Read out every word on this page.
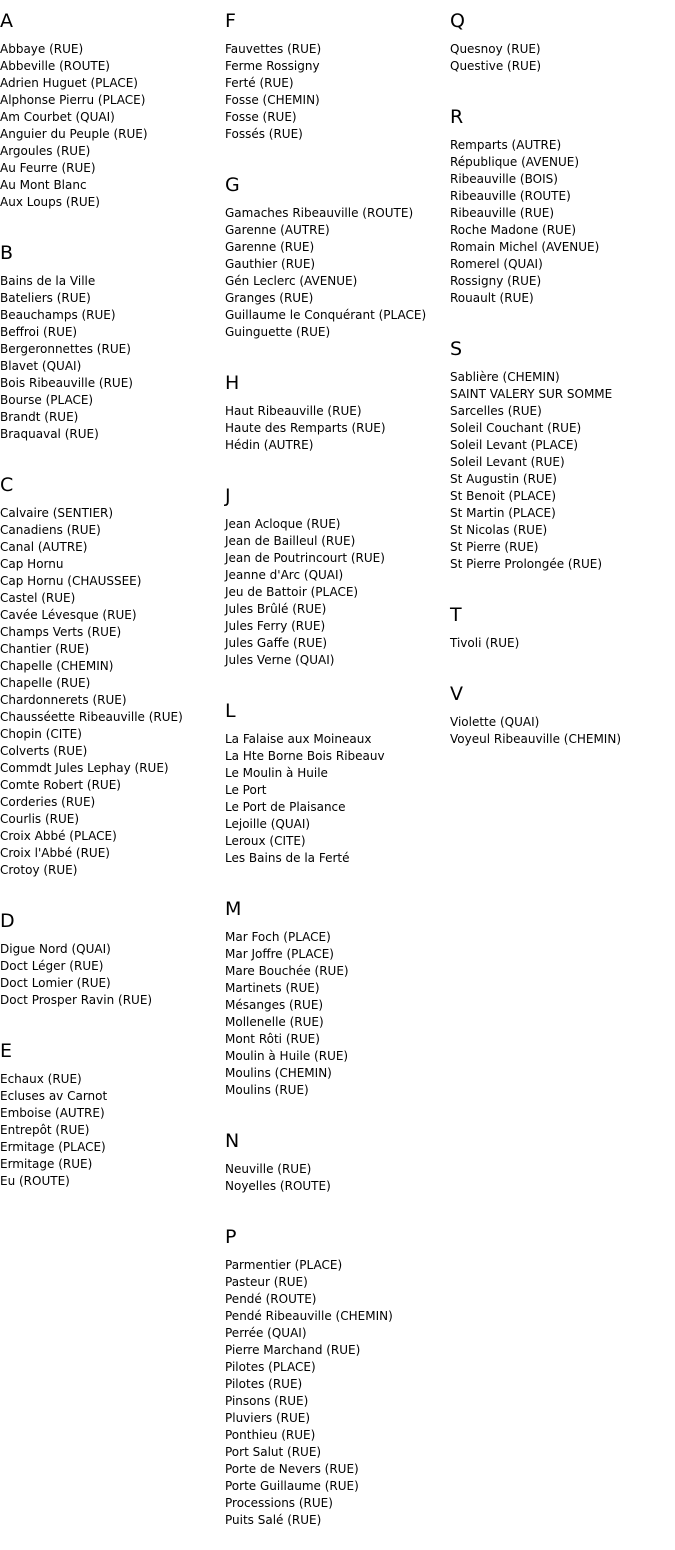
A
Abbaye (RUE)
Abbeville (ROUTE)
Adrien Huguet (PLACE)
Alphonse Pierru (PLACE)
Am Courbet (QUAI)
Anguier du Peuple (RUE)
Argoules (RUE)
Au Feurre (RUE)
Au Mont Blanc
Aux Loups (RUE)
B
Bains de la Ville
Bateliers (RUE)
Beauchamps (RUE)
Beffroi (RUE)
Bergeronnettes (RUE)
Blavet (QUAI)
Bois Ribeauville (RUE)
Bourse (PLACE)
Brandt (RUE)
Braquaval (RUE)
C
Calvaire (SENTIER)
Canadiens (RUE)
Canal (AUTRE)
Cap Hornu
Cap Hornu (CHAUSSEE)
Castel (RUE)
Cavée Lévesque (RUE)
Champs Verts (RUE)
Chantier (RUE)
Chapelle (CHEMIN)
Chapelle (RUE)
Chardonnerets (RUE)
Chausséette Ribeauville (RUE)
Chopin (CITE)
Colverts (RUE)
Commdt Jules Lephay (RUE)
Comte Robert (RUE)
Corderies (RUE)
Courlis (RUE)
Croix Abbé (PLACE)
Croix l'Abbé (RUE)
Crotoy (RUE)
D
Digue Nord (QUAI)
Doct Léger (RUE)
Doct Lomier (RUE)
Doct Prosper Ravin (RUE)
E
Echaux (RUE)
Ecluses av Carnot
Emboise (AUTRE)
Entrepôt (RUE)
Ermitage (PLACE)
Ermitage (RUE)
Eu (ROUTE)
F
Fauvettes (RUE)
Ferme Rossigny
Ferté (RUE)
Fosse (CHEMIN)
Fosse (RUE)
Fossés (RUE)
G
Gamaches Ribeauville (ROUTE)
Garenne (AUTRE)
Garenne (RUE)
Gauthier (RUE)
Gén Leclerc (AVENUE)
Granges (RUE)
Guillaume le Conquérant (PLACE)
Guinguette (RUE)
H
Haut Ribeauville (RUE)
Haute des Remparts (RUE)
Hédin (AUTRE)
J
Jean Acloque (RUE)
Jean de Bailleul (RUE)
Jean de Poutrincourt (RUE)
Jeanne d'Arc (QUAI)
Jeu de Battoir (PLACE)
Jules Brûlé (RUE)
Jules Ferry (RUE)
Jules Gaffe (RUE)
Jules Verne (QUAI)
L
La Falaise aux Moineaux
La Hte Borne Bois Ribeauv
Le Moulin à Huile
Le Port
Le Port de Plaisance
Lejoille (QUAI)
Leroux (CITE)
Les Bains de la Ferté
M
Mar Foch (PLACE)
Mar Joffre (PLACE)
Mare Bouchée (RUE)
Martinets (RUE)
Mésanges (RUE)
Mollenelle (RUE)
Mont Rôti (RUE)
Moulin à Huile (RUE)
Moulins (CHEMIN)
Moulins (RUE)
N
Neuville (RUE)
Noyelles (ROUTE)
P
Parmentier (PLACE)
Pasteur (RUE)
Pendé (ROUTE)
Pendé Ribeauville (CHEMIN)
Perrée (QUAI)
Pierre Marchand (RUE)
Pilotes (PLACE)
Pilotes (RUE)
Pinsons (RUE)
Pluviers (RUE)
Ponthieu (RUE)
Port Salut (RUE)
Porte de Nevers (RUE)
Porte Guillaume (RUE)
Processions (RUE)
Puits Salé (RUE)
Q
Quesnoy (RUE)
Questive (RUE)
R
Remparts (AUTRE)
République (AVENUE)
Ribeauville (BOIS)
Ribeauville (ROUTE)
Ribeauville (RUE)
Roche Madone (RUE)
Romain Michel (AVENUE)
Romerel (QUAI)
Rossigny (RUE)
Rouault (RUE)
S
Sablière (CHEMIN)
SAINT VALERY SUR SOMME
Sarcelles (RUE)
Soleil Couchant (RUE)
Soleil Levant (PLACE)
Soleil Levant (RUE)
St Augustin (RUE)
St Benoit (PLACE)
St Martin (PLACE)
St Nicolas (RUE)
St Pierre (RUE)
St Pierre Prolongée (RUE)
T
Tivoli (RUE)
V
Violette (QUAI)
Voyeul Ribeauville (CHEMIN)
